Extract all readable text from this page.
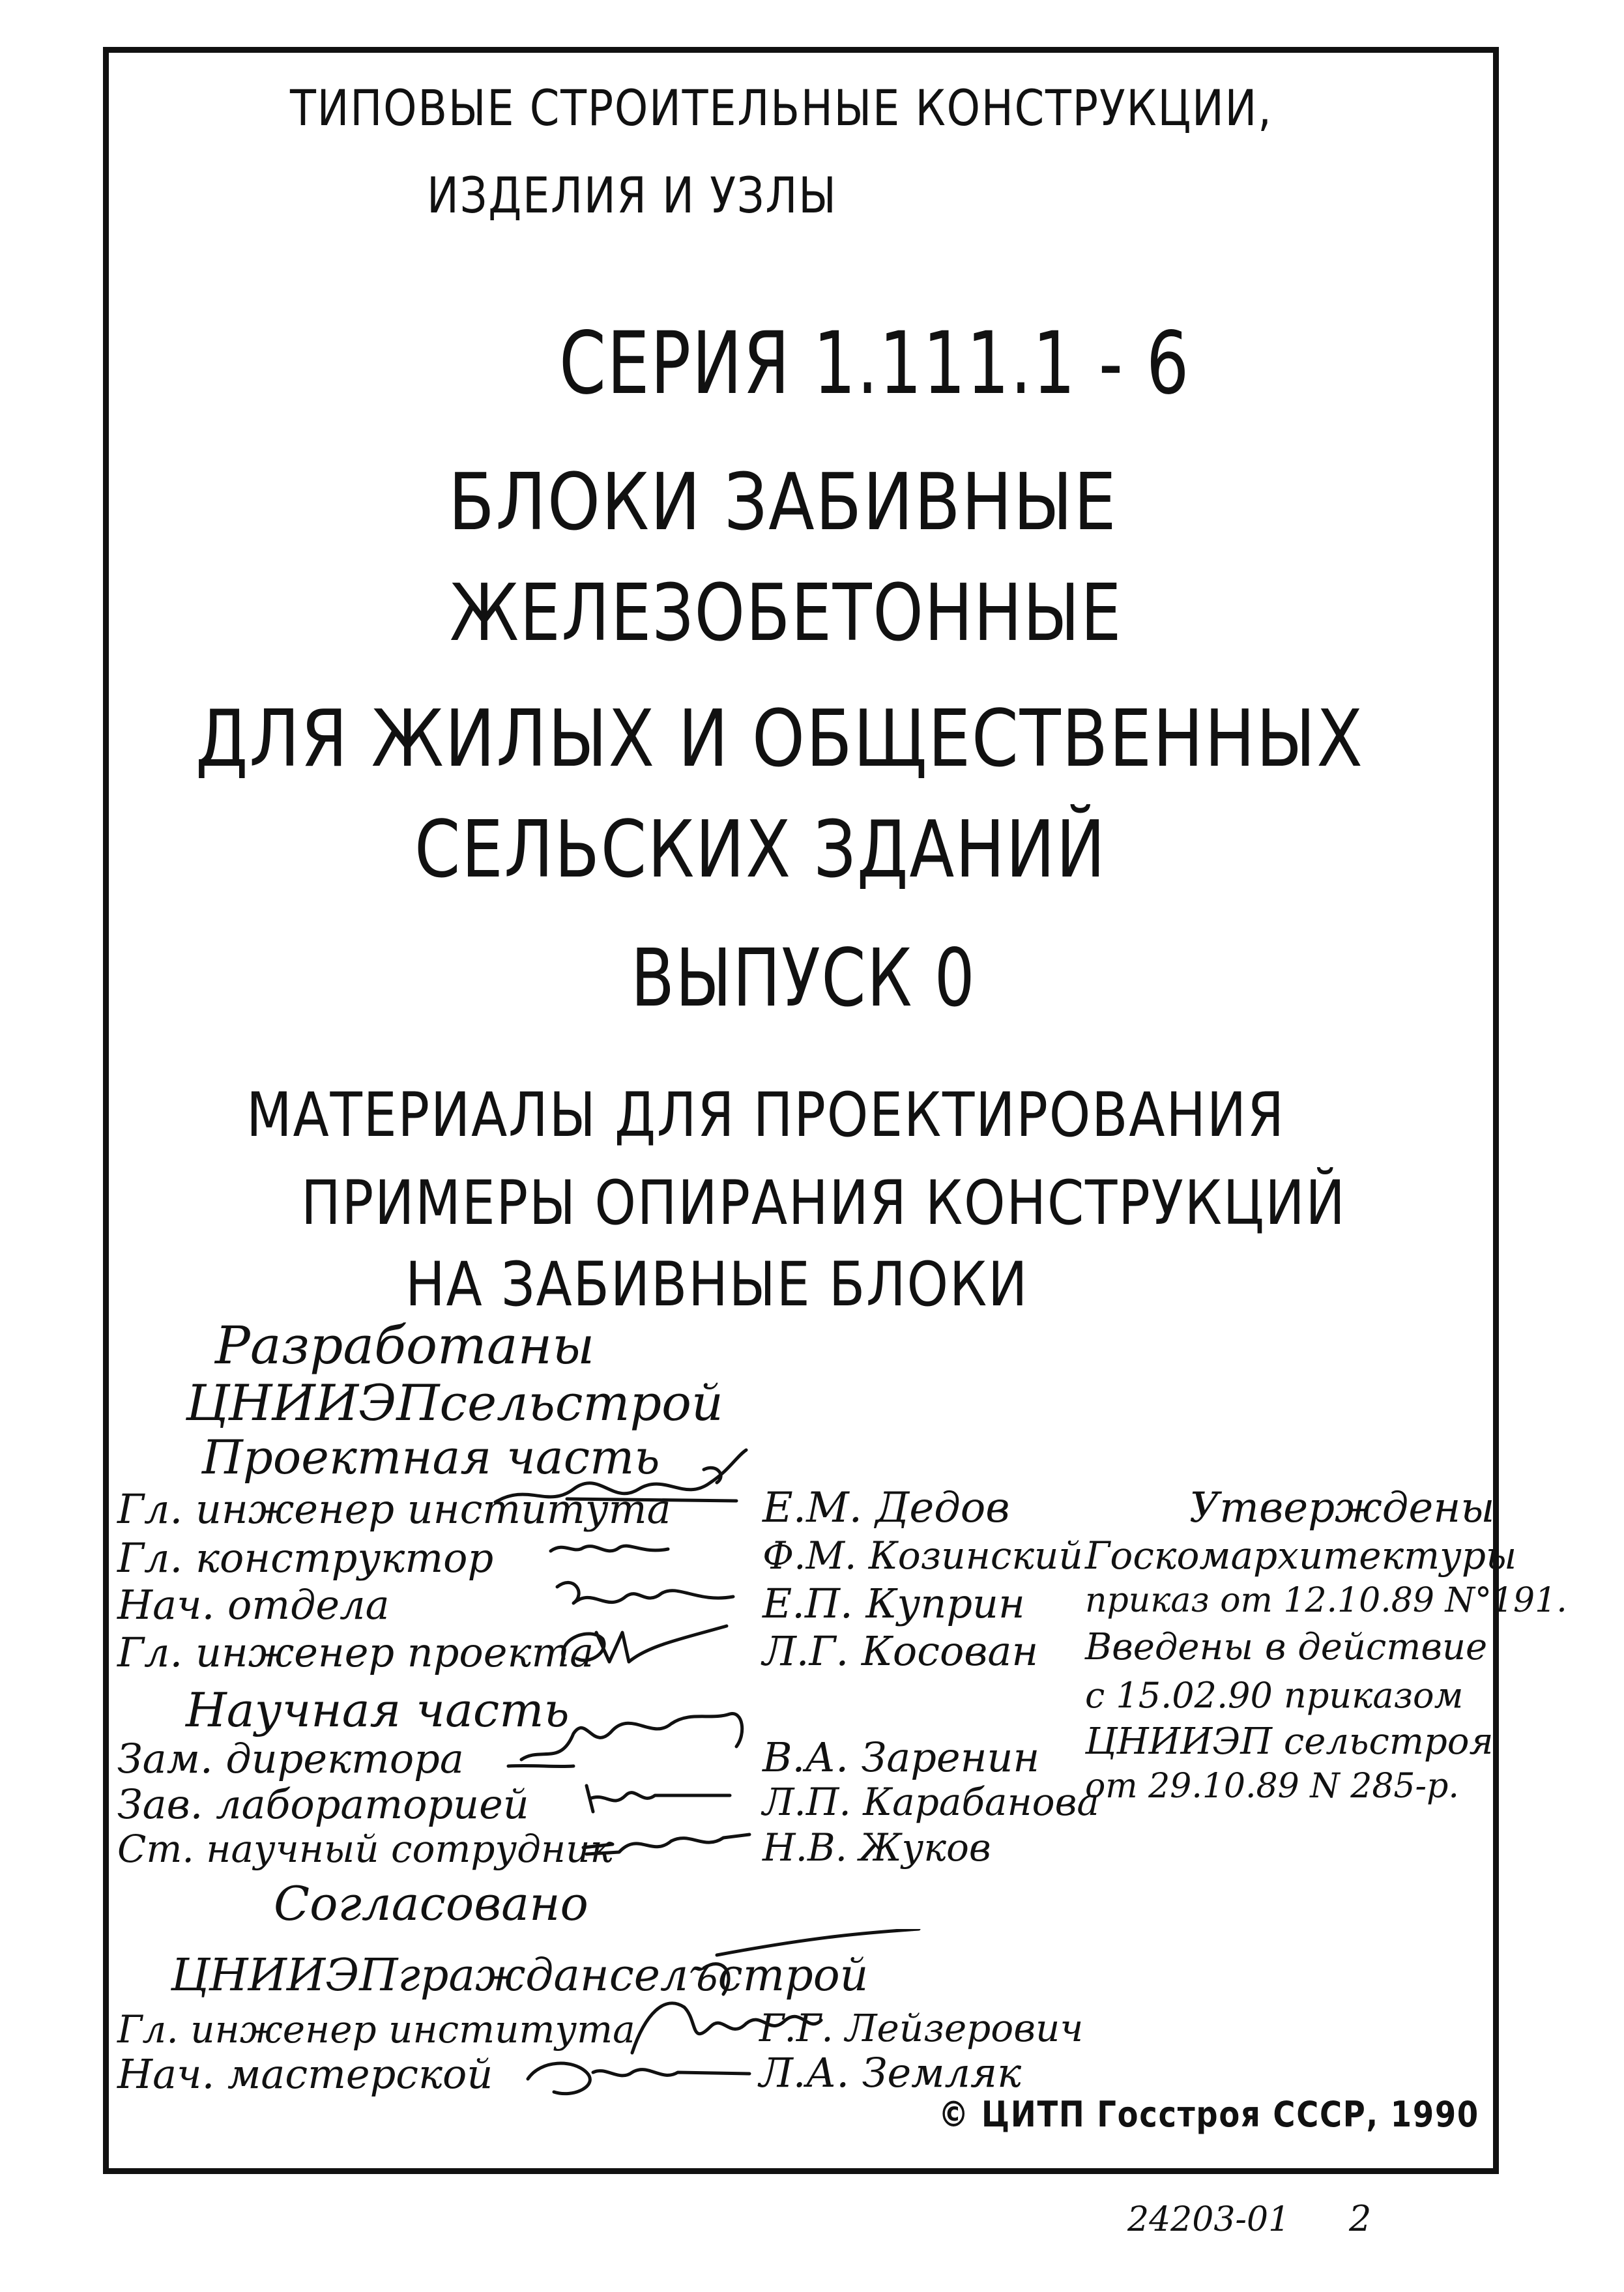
ТИПОВЫЕ СТРОИТЕЛЬНЫЕ КОНСТРУКЦИИ,
ИЗДЕЛИЯ И УЗЛЫ
СЕРИЯ 1.111.1 - 6
БЛОКИ ЗАБИВНЫЕ
ЖЕЛЕЗОБЕТОННЫЕ
ДЛЯ ЖИЛЫХ И ОБЩЕСТВЕННЫХ
СЕЛЬСКИХ ЗДАНИЙ
ВЫПУСК 0
МАТЕРИАЛЫ ДЛЯ ПРОЕКТИРОВАНИЯ
ПРИМЕРЫ ОПИРАНИЯ КОНСТРУКЦИЙ
НА ЗАБИВНЫЕ БЛОКИ
Разработаны
ЦНИИЭПсельстрой
Проектная часть
Гл. инженер института Е.М. Дедов
Гл. конструктор	Ф.М. Козинский
Нач. отдела	Е.П. Куприн
Гл. инженер проекта	Л.Г. Косован
Научная часть
Зам. директора	В.А. Заренин
Зав. лабораторией	Л.П. Карабанова
Ст. научный сотрудник	Н.В. Жуков
Согласовано
ЦНИИЭПгражданселъстрой
Гл. инженер института	Г.Г. Лейзерович
Нач. мастерской	Л.А. Земляк
Утверждены
Госкомархитектуры
приказ от 12.10.89 N°191.
Введены в действие
с 15.02.90 приказом
ЦНИИЭП сельстроя
от 29.10.89 N 285-р.
© ЦИТП Госстроя СССР, 1990
24203-01 2
